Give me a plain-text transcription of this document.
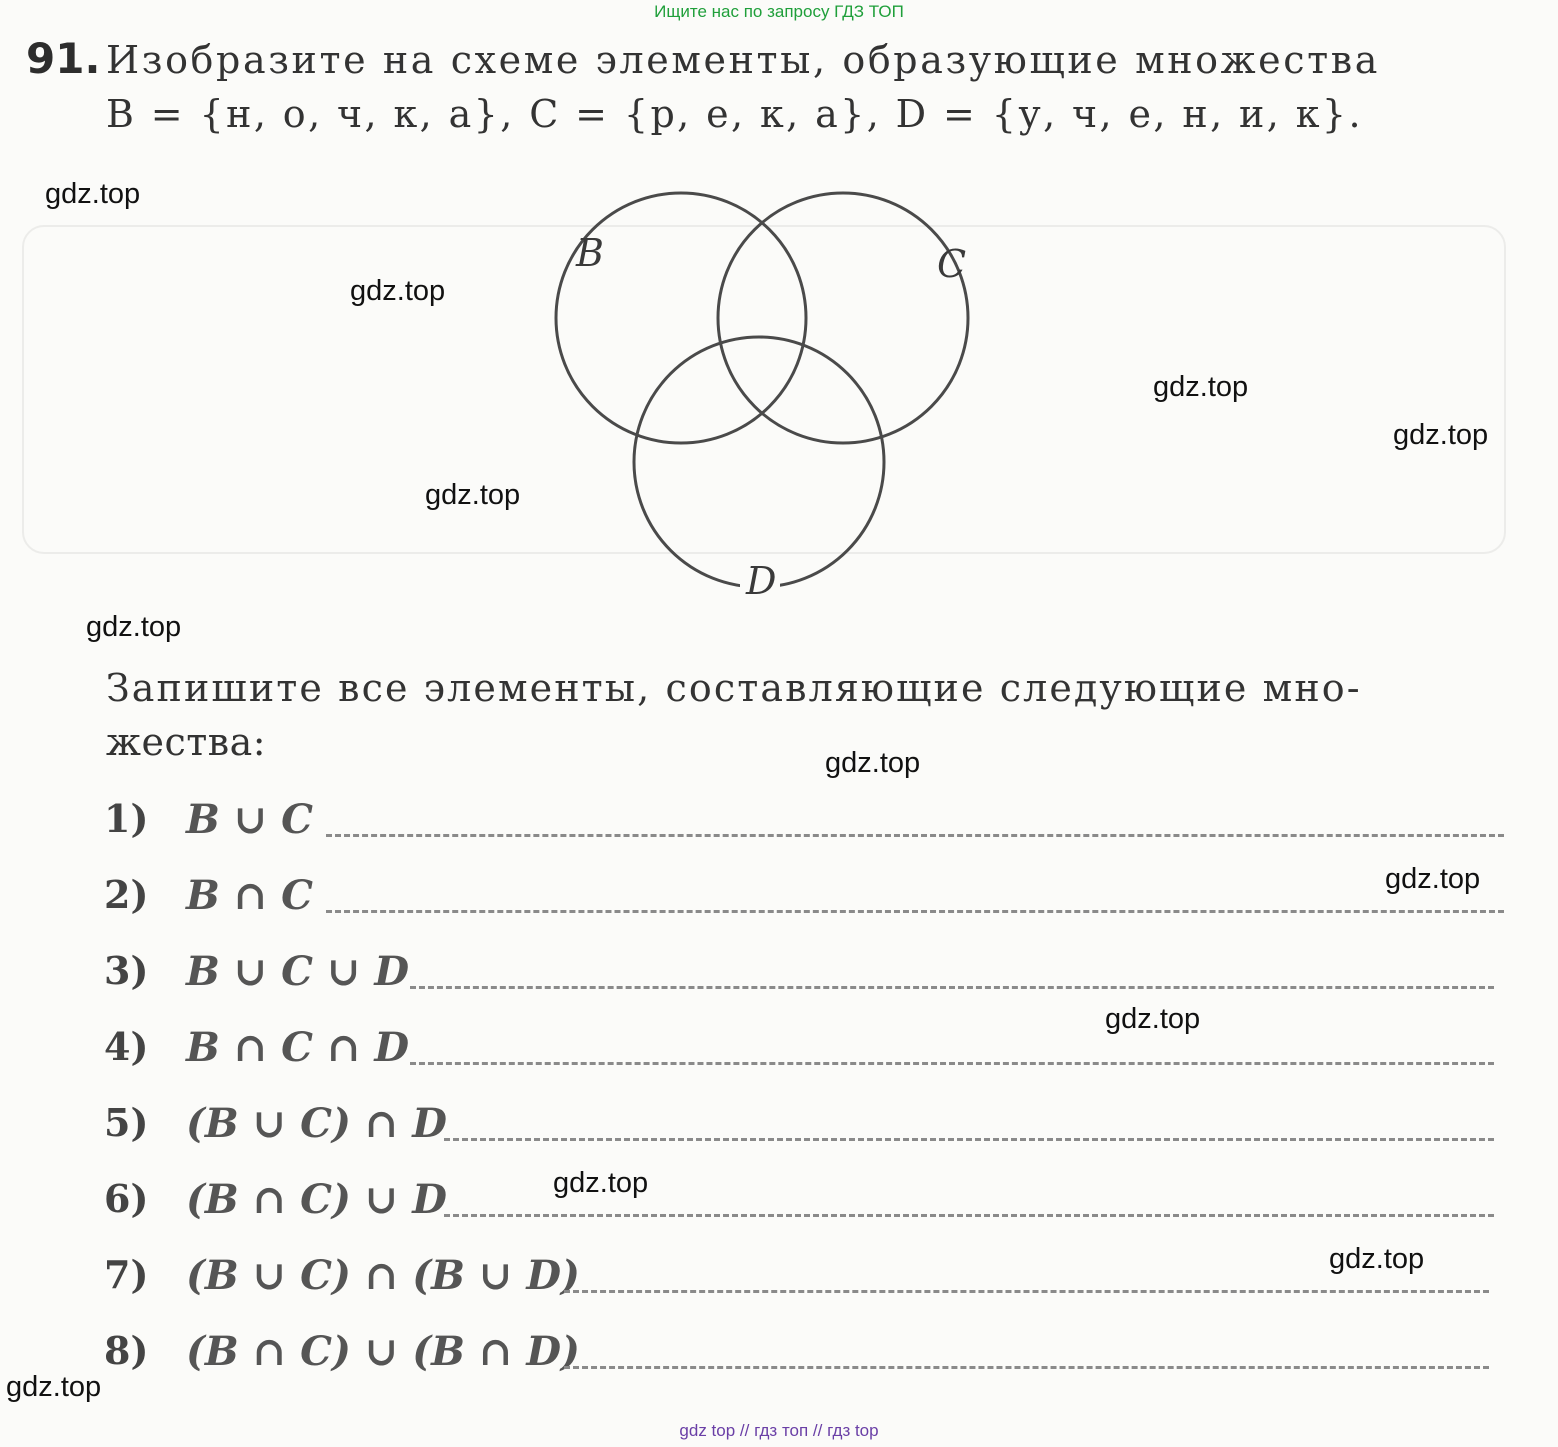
Ищите нас по запросу ГДЗ ТОП
91. Изобразите на схеме элементы, образующие множества
B = {н, о, ч, к, а}, C = {р, е, к, а}, D = {у, ч, е, н, и, к}.
B	C
D
Запишите все элементы, составляющие следующие мно-
жества:
1) B ∪ C
2) B ∩ C
3) B ∪ C ∪ D
4) B ∩ C ∩ D
5) (B ∪ C) ∩ D
6) (B ∩ C) ∪ D
7) (B ∪ C) ∩ (B ∪ D)
8) (B ∩ C) ∪ (B ∩ D)
gdz.top
gdz.top
gdz.top
gdz.top
gdz.top
gdz.top
gdz.top
gdz.top
gdz.top
gdz.top
gdz.top
gdz.top
gdz top // гдз топ // гдз top
